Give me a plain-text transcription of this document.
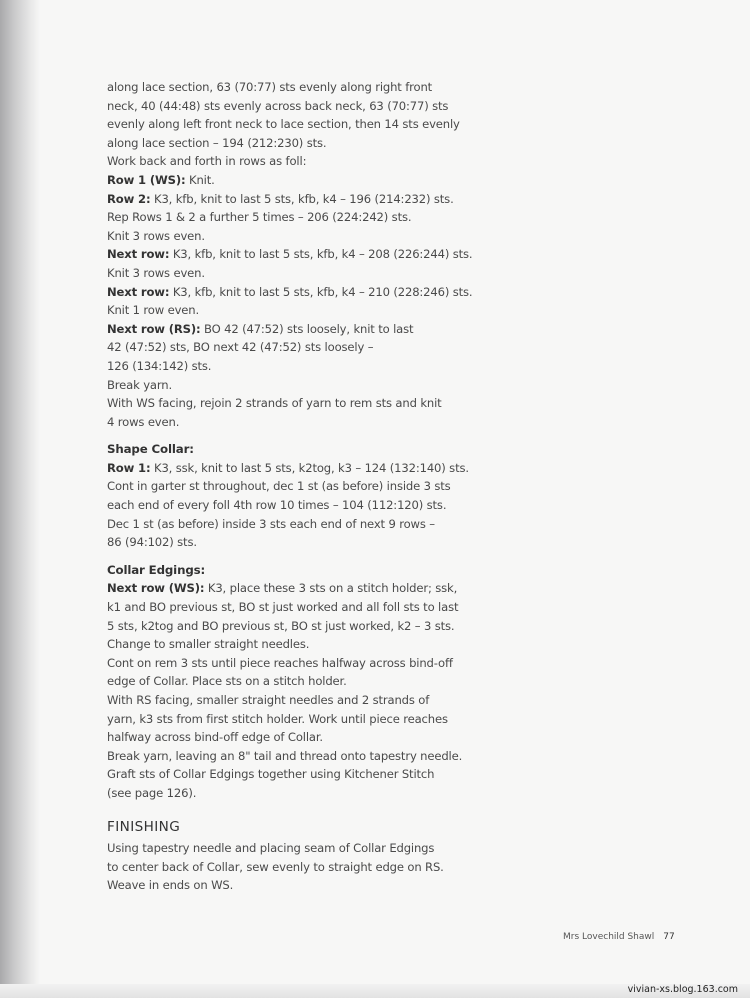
along lace section, 63 (70:77) sts evenly along right front
neck, 40 (44:48) sts evenly across back neck, 63 (70:77) sts
evenly along left front neck to lace section, then 14 sts evenly
along lace section – 194 (212:230) sts.
Work back and forth in rows as foll:
Row 1 (WS): Knit.
Row 2: K3, kfb, knit to last 5 sts, kfb, k4 – 196 (214:232) sts.
Rep Rows 1 & 2 a further 5 times – 206 (224:242) sts.
Knit 3 rows even.
Next row: K3, kfb, knit to last 5 sts, kfb, k4 – 208 (226:244) sts.
Knit 3 rows even.
Next row: K3, kfb, knit to last 5 sts, kfb, k4 – 210 (228:246) sts.
Knit 1 row even.
Next row (RS): BO 42 (47:52) sts loosely, knit to last
42 (47:52) sts, BO next 42 (47:52) sts loosely –
126 (134:142) sts.
Break yarn.
With WS facing, rejoin 2 strands of yarn to rem sts and knit
4 rows even.
Shape Collar:
Row 1: K3, ssk, knit to last 5 sts, k2tog, k3 – 124 (132:140) sts.
Cont in garter st throughout, dec 1 st (as before) inside 3 sts
each end of every foll 4th row 10 times – 104 (112:120) sts.
Dec 1 st (as before) inside 3 sts each end of next 9 rows –
86 (94:102) sts.
Collar Edgings:
Next row (WS): K3, place these 3 sts on a stitch holder; ssk,
k1 and BO previous st, BO st just worked and all foll sts to last
5 sts, k2tog and BO previous st, BO st just worked, k2 – 3 sts.
Change to smaller straight needles.
Cont on rem 3 sts until piece reaches halfway across bind-off
edge of Collar. Place sts on a stitch holder.
With RS facing, smaller straight needles and 2 strands of
yarn, k3 sts from first stitch holder. Work until piece reaches
halfway across bind-off edge of Collar.
Break yarn, leaving an 8" tail and thread onto tapestry needle.
Graft sts of Collar Edgings together using Kitchener Stitch
(see page 126).
FINISHING
Using tapestry needle and placing seam of Collar Edgings
to center back of Collar, sew evenly to straight edge on RS.
Weave in ends on WS.
Mrs Lovechild Shawl 77
vivian-xs.blog.163.com
